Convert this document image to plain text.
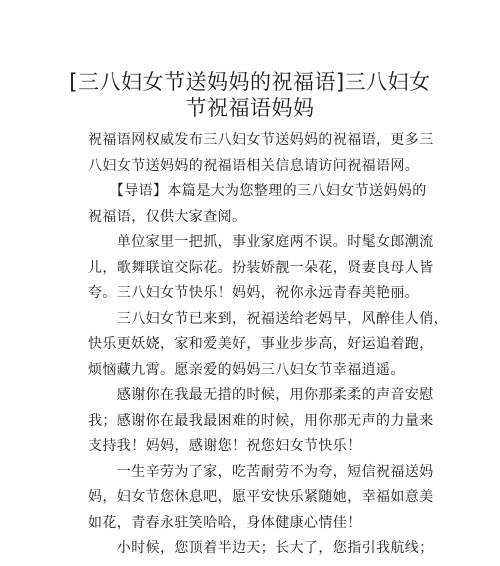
[三八妇女节送妈妈的祝福语]三八妇女
节祝福语妈妈
祝福语网权威发布三八妇女节送妈妈的祝福语，更多三
八妇女节送妈妈的祝福语相关信息请访问祝福语网。
　　【导语】本篇是大为您整理的三八妇女节送妈妈的
祝福语，仅供大家查阅。
　　单位家里一把抓，事业家庭两不误。时髦女郎潮流
儿，歌舞联谊交际花。扮装娇靓一朵花，贤妻良母人皆
夸。三八妇女节快乐！妈妈，祝你永远青春美艳丽。
　　三八妇女节已来到，祝福送给老妈早，风醉佳人俏，
快乐更妖娆，家和爱美好，事业步步高，好运追着跑，
烦恼藏九霄。愿亲爱的妈妈三八妇女节幸福逍遥。
　　感谢你在我最无措的时候，用你那柔柔的声音安慰
我；感谢你在最我最困难的时候，用你那无声的力量来
支持我！妈妈，感谢您！祝您妇女节快乐！
　　一生辛劳为了家，吃苦耐劳不为夸，短信祝福送妈
妈，妇女节您休息吧，愿平安快乐紧随她，幸福如意美
如花，青春永驻笑哈哈，身体健康心情佳！
　　小时候，您顶着半边天；长大了，您指引我航线；
